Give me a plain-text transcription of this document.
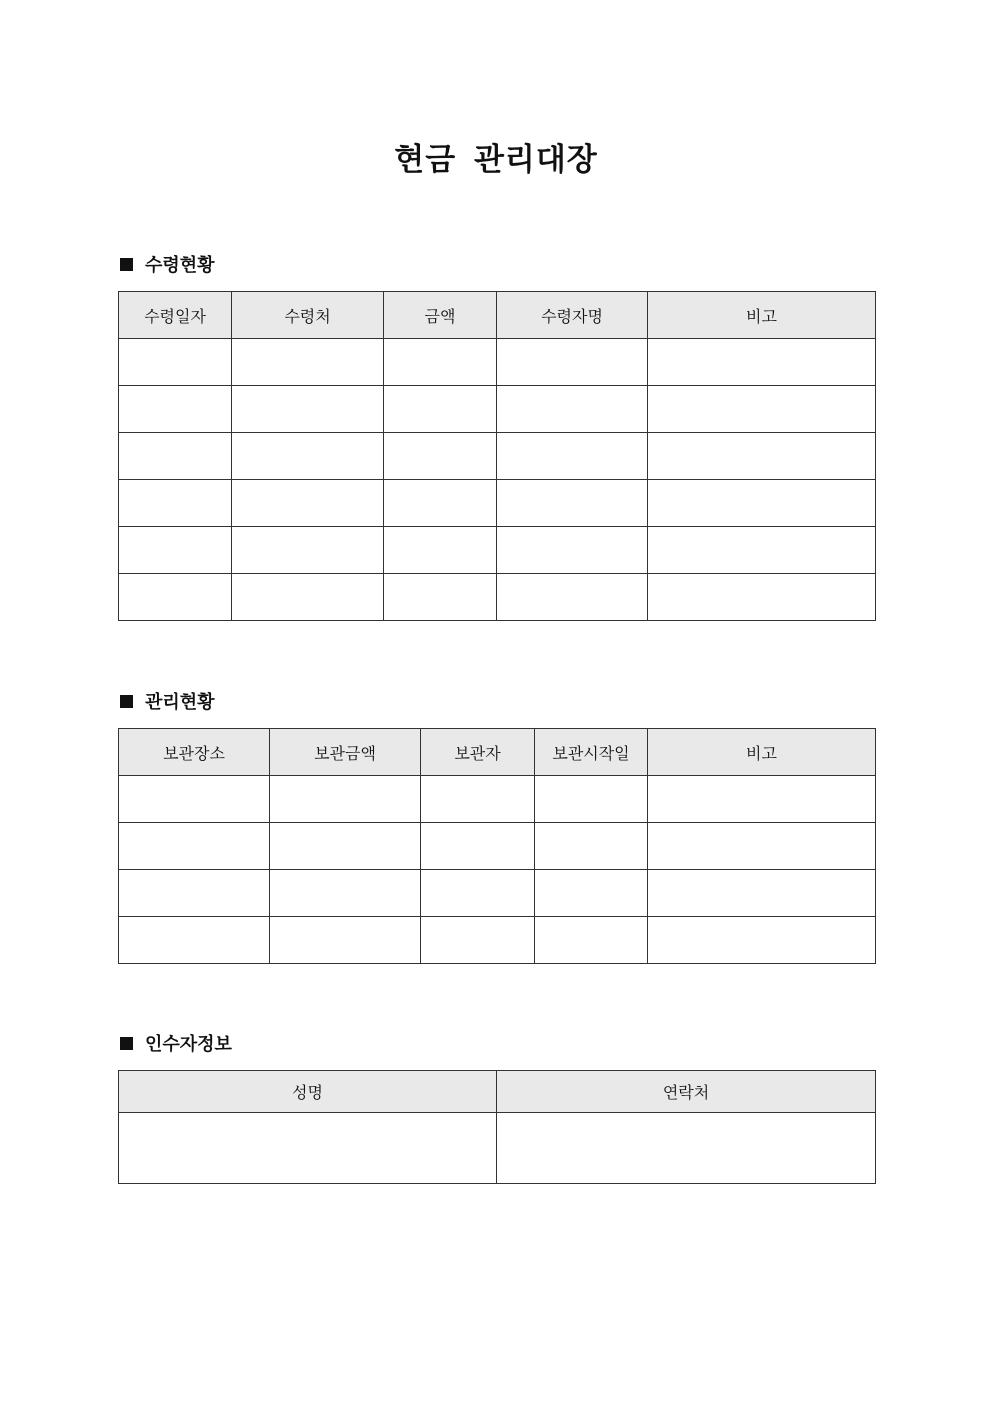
현금 관리대장
수령현황
수령일자	수령처	금액	수령자명	비고

관리현황
보관장소	보관금액	보관자	보관시작일	비고

인수자정보
성명	연락처
